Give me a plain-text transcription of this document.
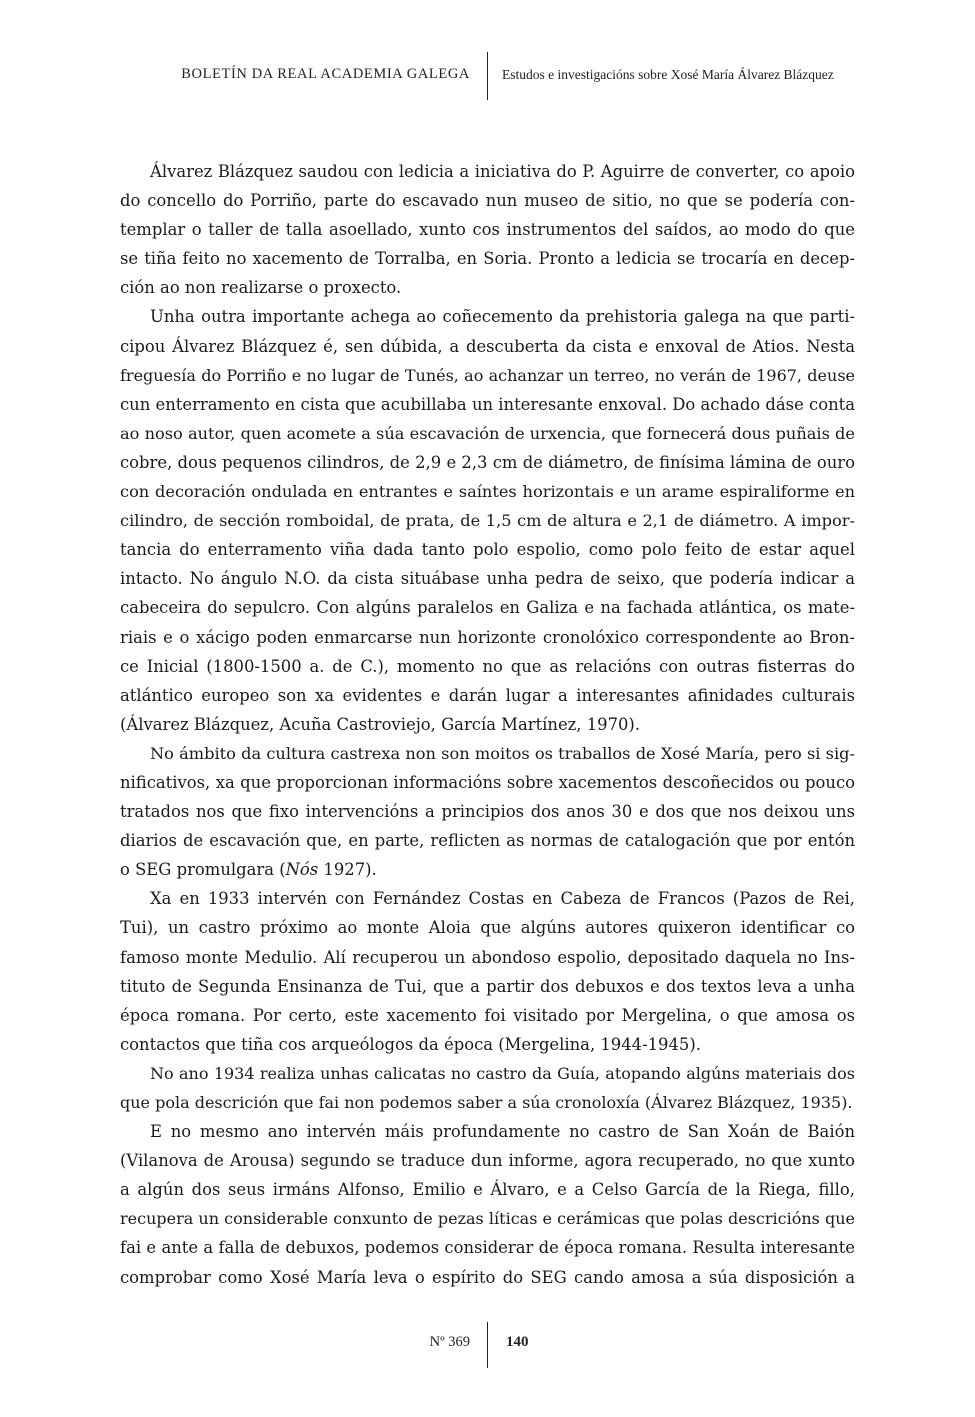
BOLETÍN DA REAL ACADEMIA GALEGA Estudos e investigacións sobre Xosé María Álvarez Blázquez

Álvarez Blázquez saudou con ledicia a iniciativa do P. Aguirre de converter, co apoio
do concello do Porriño, parte do escavado nun museo de sitio, no que se podería con-
templar o taller de talla asoellado, xunto cos instrumentos del saídos, ao modo do que
se tiña feito no xacemento de Torralba, en Soria. Pronto a ledicia se trocaría en decep-
ción ao non realizarse o proxecto.

Unha outra importante achega ao coñecemento da prehistoria galega na que parti-
cipou Álvarez Blázquez é, sen dúbida, a descuberta da cista e enxoval de Atios. Nesta
freguesía do Porriño e no lugar de Tunés, ao achanzar un terreo, no verán de 1967, deuse
cun enterramento en cista que acubillaba un interesante enxoval. Do achado dáse conta
ao noso autor, quen acomete a súa escavación de urxencia, que fornecerá dous puñais de
cobre, dous pequenos cilindros, de 2,9 e 2,3 cm de diámetro, de finísima lámina de ouro
con decoración ondulada en entrantes e saíntes horizontais e un arame espiraliforme en
cilindro, de sección romboidal, de prata, de 1,5 cm de altura e 2,1 de diámetro. A impor-
tancia do enterramento viña dada tanto polo espolio, como polo feito de estar aquel
intacto. No ángulo N.O. da cista situábase unha pedra de seixo, que podería indicar a
cabeceira do sepulcro. Con algúns paralelos en Galiza e na fachada atlántica, os mate-
riais e o xácigo poden enmarcarse nun horizonte cronolóxico correspondente ao Bron-
ce Inicial (1800-1500 a. de C.), momento no que as relacións con outras fisterras do
atlántico europeo son xa evidentes e darán lugar a interesantes afinidades culturais
(Álvarez Blázquez, Acuña Castroviejo, García Martínez, 1970).

No ámbito da cultura castrexa non son moitos os traballos de Xosé María, pero si sig-
nificativos, xa que proporcionan informacións sobre xacementos descoñecidos ou pouco
tratados nos que fixo intervencións a principios dos anos 30 e dos que nos deixou uns
diarios de escavación que, en parte, reflicten as normas de catalogación que por entón
o SEG promulgara (Nós 1927).

Xa en 1933 intervén con Fernández Costas en Cabeza de Francos (Pazos de Rei,
Tui), un castro próximo ao monte Aloia que algúns autores quixeron identificar co
famoso monte Medulio. Alí recuperou un abondoso espolio, depositado daquela no Ins-
tituto de Segunda Ensinanza de Tui, que a partir dos debuxos e dos textos leva a unha
época romana. Por certo, este xacemento foi visitado por Mergelina, o que amosa os
contactos que tiña cos arqueólogos da época (Mergelina, 1944-1945).

No ano 1934 realiza unhas calicatas no castro da Guía, atopando algúns materiais dos
que pola descrición que fai non podemos saber a súa cronoloxía (Álvarez Blázquez, 1935).

E no mesmo ano intervén máis profundamente no castro de San Xoán de Baión
(Vilanova de Arousa) segundo se traduce dun informe, agora recuperado, no que xunto
a algún dos seus irmáns Alfonso, Emilio e Álvaro, e a Celso García de la Riega, fillo,
recupera un considerable conxunto de pezas líticas e cerámicas que polas descricións que
fai e ante a falla de debuxos, podemos considerar de época romana. Resulta interesante
comprobar como Xosé María leva o espírito do SEG cando amosa a súa disposición a

Nº 369 140
